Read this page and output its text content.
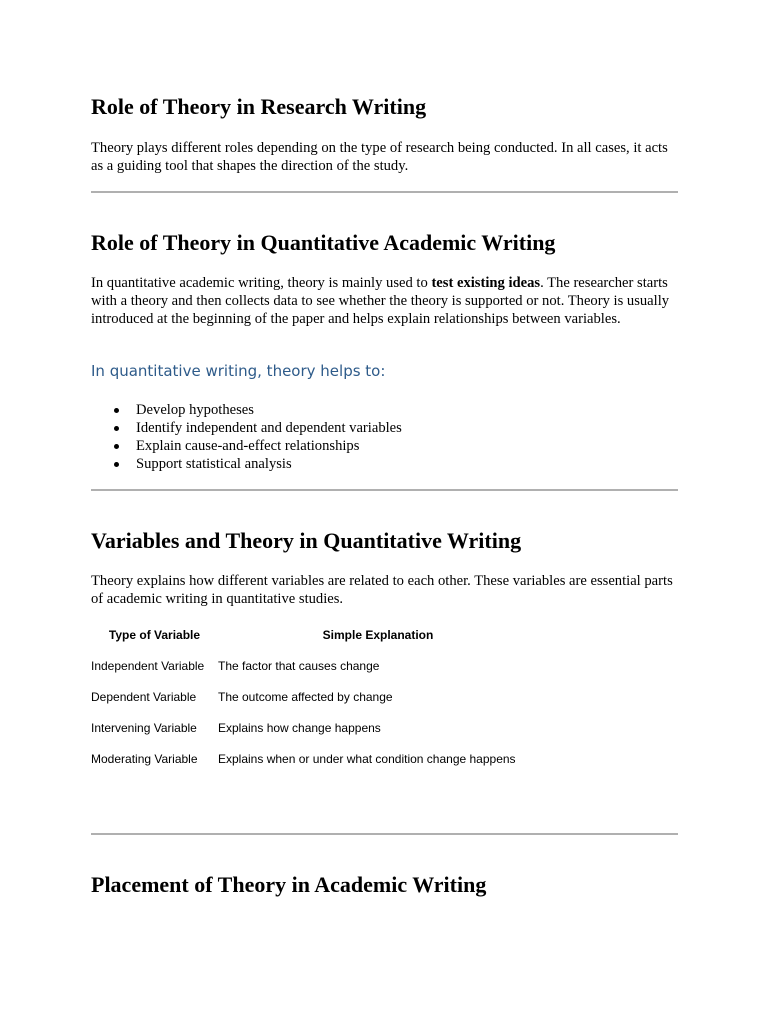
Role of Theory in Research Writing

Theory plays different roles depending on the type of research being conducted. In all cases, it acts as a guiding tool that shapes the direction of the study.

Role of Theory in Quantitative Academic Writing

In quantitative academic writing, theory is mainly used to test existing ideas. The researcher starts with a theory and then collects data to see whether the theory is supported or not. Theory is usually introduced at the beginning of the paper and helps explain relationships between variables.

In quantitative writing, theory helps to:
Develop hypotheses
Identify independent and dependent variables
Explain cause-and-effect relationships
Support statistical analysis
Variables and Theory in Quantitative Writing

Theory explains how different variables are related to each other. These variables are essential parts of academic writing in quantitative studies.

Type of Variable	Simple Explanation
Independent Variable	The factor that causes change
Dependent Variable	The outcome affected by change
Intervening Variable	Explains how change happens
Moderating Variable	Explains when or under what condition change happens
Placement of Theory in Academic Writing
